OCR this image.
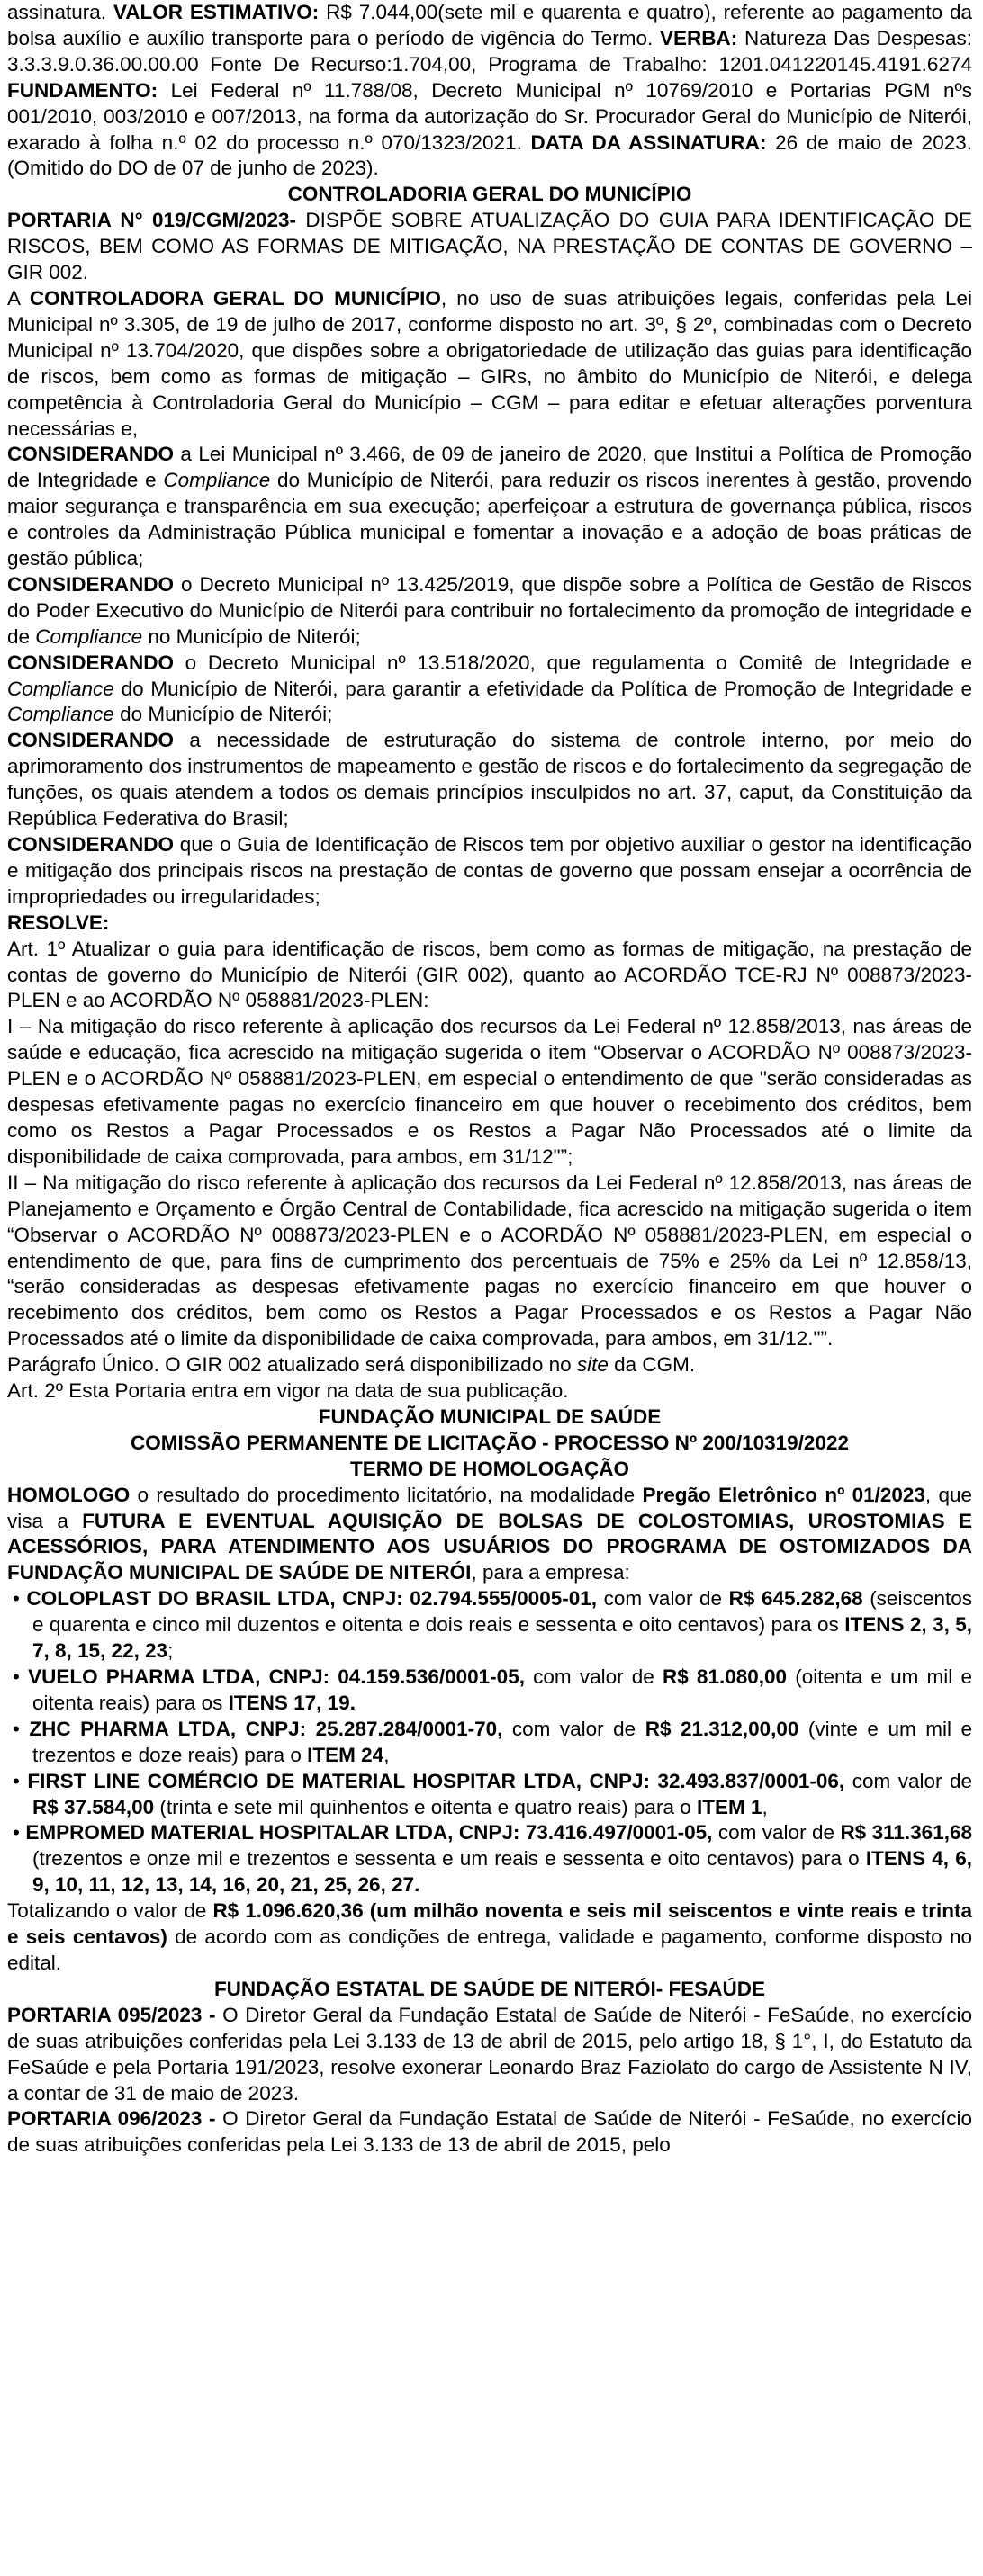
assinatura. VALOR ESTIMATIVO: R$ 7.044,00(sete mil e quarenta e quatro), referente ao pagamento da bolsa auxílio e auxílio transporte para o período de vigência do Termo. VERBA: Natureza Das Despesas: 3.3.3.9.0.36.00.00.00 Fonte De Recurso:1.704,00, Programa de Trabalho: 1201.041220145.4191.6274 FUNDAMENTO: Lei Federal nº 11.788/08, Decreto Municipal nº 10769/2010 e Portarias PGM nºs 001/2010, 003/2010 e 007/2013, na forma da autorização do Sr. Procurador Geral do Município de Niterói, exarado à folha n.º 02 do processo n.º 070/1323/2021. DATA DA ASSINATURA: 26 de maio de 2023. (Omitido do DO de 07 de junho de 2023).

CONTROLADORIA GERAL DO MUNICÍPIO

PORTARIA N° 019/CGM/2023- DISPÕE SOBRE ATUALIZAÇÃO DO GUIA PARA IDENTIFICAÇÃO DE RISCOS, BEM COMO AS FORMAS DE MITIGAÇÃO, NA PRESTAÇÃO DE CONTAS DE GOVERNO – GIR 002.

A CONTROLADORA GERAL DO MUNICÍPIO, no uso de suas atribuições legais, conferidas pela Lei Municipal nº 3.305, de 19 de julho de 2017, conforme disposto no art. 3º, § 2º, combinadas com o Decreto Municipal nº 13.704/2020, que dispões sobre a obrigatoriedade de utilização das guias para identificação de riscos, bem como as formas de mitigação – GIRs, no âmbito do Município de Niterói, e delega competência à Controladoria Geral do Município – CGM – para editar e efetuar alterações porventura necessárias e,

CONSIDERANDO a Lei Municipal nº 3.466, de 09 de janeiro de 2020, que Institui a Política de Promoção de Integridade e Compliance do Município de Niterói, para reduzir os riscos inerentes à gestão, provendo maior segurança e transparência em sua execução; aperfeiçoar a estrutura de governança pública, riscos e controles da Administração Pública municipal e fomentar a inovação e a adoção de boas práticas de gestão pública;

CONSIDERANDO o Decreto Municipal nº 13.425/2019, que dispõe sobre a Política de Gestão de Riscos do Poder Executivo do Município de Niterói para contribuir no fortalecimento da promoção de integridade e de Compliance no Município de Niterói;

CONSIDERANDO o Decreto Municipal nº 13.518/2020, que regulamenta o Comitê de Integridade e Compliance do Município de Niterói, para garantir a efetividade da Política de Promoção de Integridade e Compliance do Município de Niterói;

CONSIDERANDO a necessidade de estruturação do sistema de controle interno, por meio do aprimoramento dos instrumentos de mapeamento e gestão de riscos e do fortalecimento da segregação de funções, os quais atendem a todos os demais princípios insculpidos no art. 37, caput, da Constituição da República Federativa do Brasil;

CONSIDERANDO que o Guia de Identificação de Riscos tem por objetivo auxiliar o gestor na identificação e mitigação dos principais riscos na prestação de contas de governo que possam ensejar a ocorrência de impropriedades ou irregularidades;

RESOLVE:

Art. 1º Atualizar o guia para identificação de riscos, bem como as formas de mitigação, na prestação de contas de governo do Município de Niterói (GIR 002), quanto ao ACORDÃO TCE-RJ Nº 008873/2023-PLEN e ao ACORDÃO Nº 058881/2023-PLEN:

I – Na mitigação do risco referente à aplicação dos recursos da Lei Federal nº 12.858/2013, nas áreas de saúde e educação, fica acrescido na mitigação sugerida o item “Observar o ACORDÃO Nº 008873/2023-PLEN e o ACORDÃO Nº 058881/2023-PLEN, em especial o entendimento de que "serão consideradas as despesas efetivamente pagas no exercício financeiro em que houver o recebimento dos créditos, bem como os Restos a Pagar Processados e os Restos a Pagar Não Processados até o limite da disponibilidade de caixa comprovada, para ambos, em 31/12"”;

II – Na mitigação do risco referente à aplicação dos recursos da Lei Federal nº 12.858/2013, nas áreas de Planejamento e Orçamento e Órgão Central de Contabilidade, fica acrescido na mitigação sugerida o item “Observar o ACORDÃO Nº 008873/2023-PLEN e o ACORDÃO Nº 058881/2023-PLEN, em especial o entendimento de que, para fins de cumprimento dos percentuais de 75% e 25% da Lei nº 12.858/13, “serão consideradas as despesas efetivamente pagas no exercício financeiro em que houver o recebimento dos créditos, bem como os Restos a Pagar Processados e os Restos a Pagar Não Processados até o limite da disponibilidade de caixa comprovada, para ambos, em 31/12."”.

Parágrafo Único. O GIR 002 atualizado será disponibilizado no site da CGM.

Art. 2º Esta Portaria entra em vigor na data de sua publicação.

FUNDAÇÃO MUNICIPAL DE SAÚDE

COMISSÃO PERMANENTE DE LICITAÇÃO - PROCESSO Nº 200/10319/2022

TERMO DE HOMOLOGAÇÃO

HOMOLOGO o resultado do procedimento licitatório, na modalidade Pregão Eletrônico nº 01/2023, que visa a FUTURA E EVENTUAL AQUISIÇÃO DE BOLSAS DE COLOSTOMIAS, UROSTOMIAS E ACESSÓRIOS, PARA ATENDIMENTO AOS USUÁRIOS DO PROGRAMA DE OSTOMIZADOS DA FUNDAÇÃO MUNICIPAL DE SAÚDE DE NITERÓI, para a empresa:

• COLOPLAST DO BRASIL LTDA, CNPJ: 02.794.555/0005-01, com valor de R$ 645.282,68 (seiscentos e quarenta e cinco mil duzentos e oitenta e dois reais e sessenta e oito centavos) para os ITENS 2, 3, 5, 7, 8, 15, 22, 23;

• VUELO PHARMA LTDA, CNPJ: 04.159.536/0001-05, com valor de R$ 81.080,00 (oitenta e um mil e oitenta reais) para os ITENS 17, 19.

• ZHC PHARMA LTDA, CNPJ: 25.287.284/0001-70, com valor de R$ 21.312,00,00 (vinte e um mil e trezentos e doze reais) para o ITEM 24,

• FIRST LINE COMÉRCIO DE MATERIAL HOSPITAR LTDA, CNPJ: 32.493.837/0001-06, com valor de R$ 37.584,00 (trinta e sete mil quinhentos e oitenta e quatro reais) para o ITEM 1,

• EMPROMED MATERIAL HOSPITALAR LTDA, CNPJ: 73.416.497/0001-05, com valor de R$ 311.361,68 (trezentos e onze mil e trezentos e sessenta e um reais e sessenta e oito centavos) para o ITENS 4, 6, 9, 10, 11, 12, 13, 14, 16, 20, 21, 25, 26, 27.

Totalizando o valor de R$ 1.096.620,36 (um milhão noventa e seis mil seiscentos e vinte reais e trinta e seis centavos) de acordo com as condições de entrega, validade e pagamento, conforme disposto no edital.

FUNDAÇÃO ESTATAL DE SAÚDE DE NITERÓI- FESAÚDE

PORTARIA 095/2023 - O Diretor Geral da Fundação Estatal de Saúde de Niterói - FeSaúde, no exercício de suas atribuições conferidas pela Lei 3.133 de 13 de abril de 2015, pelo artigo 18, § 1°, I, do Estatuto da FeSaúde e pela Portaria 191/2023, resolve exonerar Leonardo Braz Faziolato do cargo de Assistente N IV, a contar de 31 de maio de 2023.

PORTARIA 096/2023 - O Diretor Geral da Fundação Estatal de Saúde de Niterói - FeSaúde, no exercício de suas atribuições conferidas pela Lei 3.133 de 13 de abril de 2015, pelo
